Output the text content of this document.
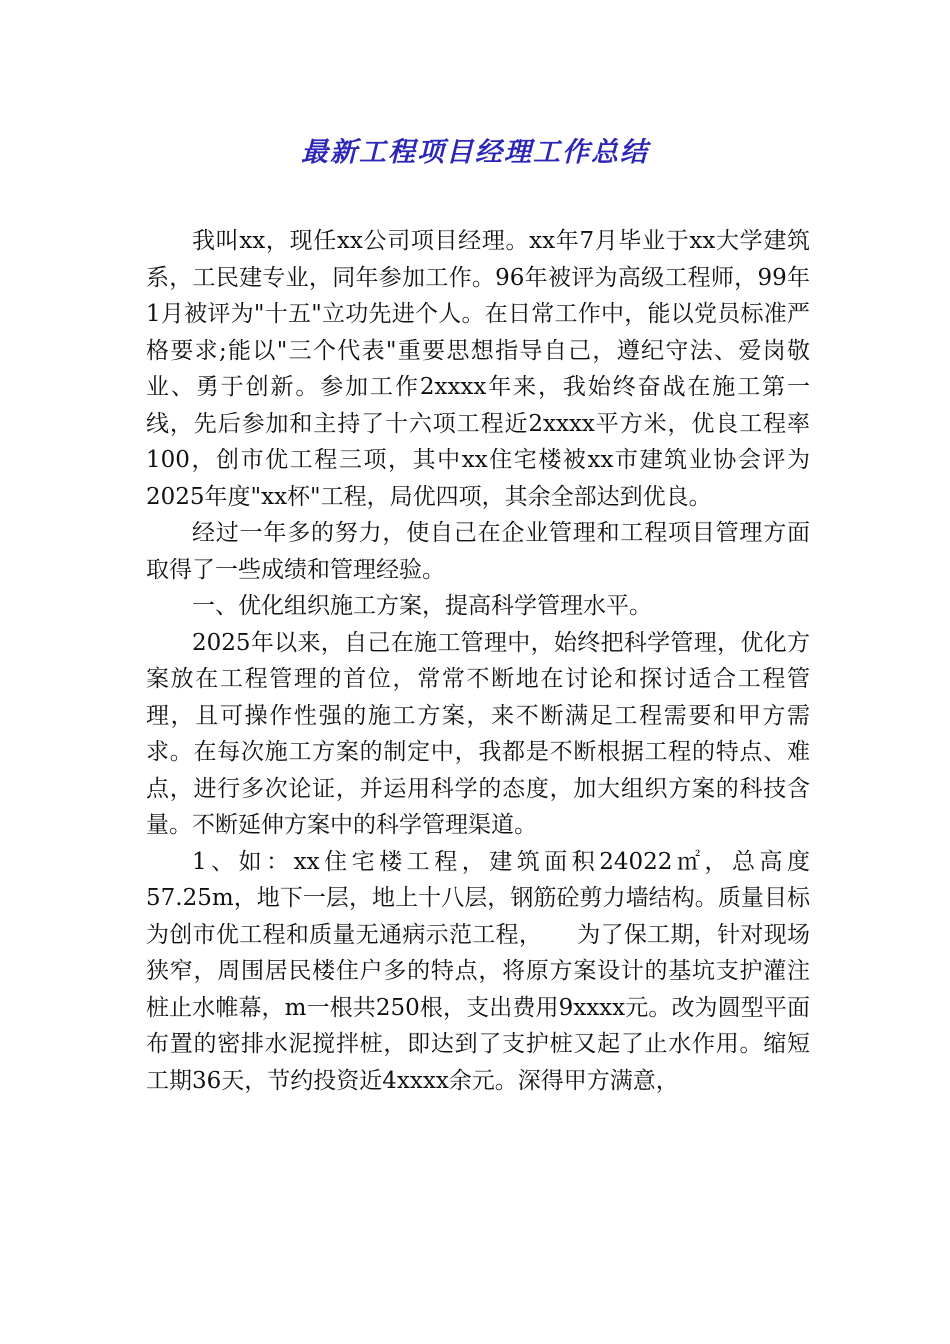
最新工程项目经理工作总结

我叫xx，现任xx公司项目经理。xx年7月毕业于xx大学建筑系，工民建专业，同年参加工作。96年被评为高级工程师，99年1月被评为"十五"立功先进个人。在日常工作中，能以党员标准严格要求;能以"三个代表"重要思想指导自己，遵纪守法、爱岗敬业、勇于创新。参加工作2xxxx年来，我始终奋战在施工第一线，先后参加和主持了十六项工程近2xxxx平方米，优良工程率100，创市优工程三项，其中xx住宅楼被xx市建筑业协会评为2025年度"xx杯"工程，局优四项，其余全部达到优良。

经过一年多的努力，使自己在企业管理和工程项目管理方面取得了一些成绩和管理经验。

一、优化组织施工方案，提高科学管理水平。

2025年以来，自己在施工管理中，始终把科学管理，优化方案放在工程管理的首位，常常不断地在讨论和探讨适合工程管理，且可操作性强的施工方案，来不断满足工程需要和甲方需求。在每次施工方案的制定中，我都是不断根据工程的特点、难点，进行多次论证，并运用科学的态度，加大组织方案的科技含量。不断延伸方案中的科学管理渠道。

1、如：xx住宅楼工程，建筑面积24022㎡，总高度57.25m，地下一层，地上十八层，钢筋砼剪力墙结构。质量目标为创市优工程和质量无通病示范工程，　　为了保工期，针对现场狭窄，周围居民楼住户多的特点，将原方案设计的基坑支护灌注桩止水帷幕，m一根共250根，支出费用9xxxx元。改为圆型平面布置的密排水泥搅拌桩，即达到了支护桩又起了止水作用。缩短工期36天，节约投资近4xxxx余元。深得甲方满意，
